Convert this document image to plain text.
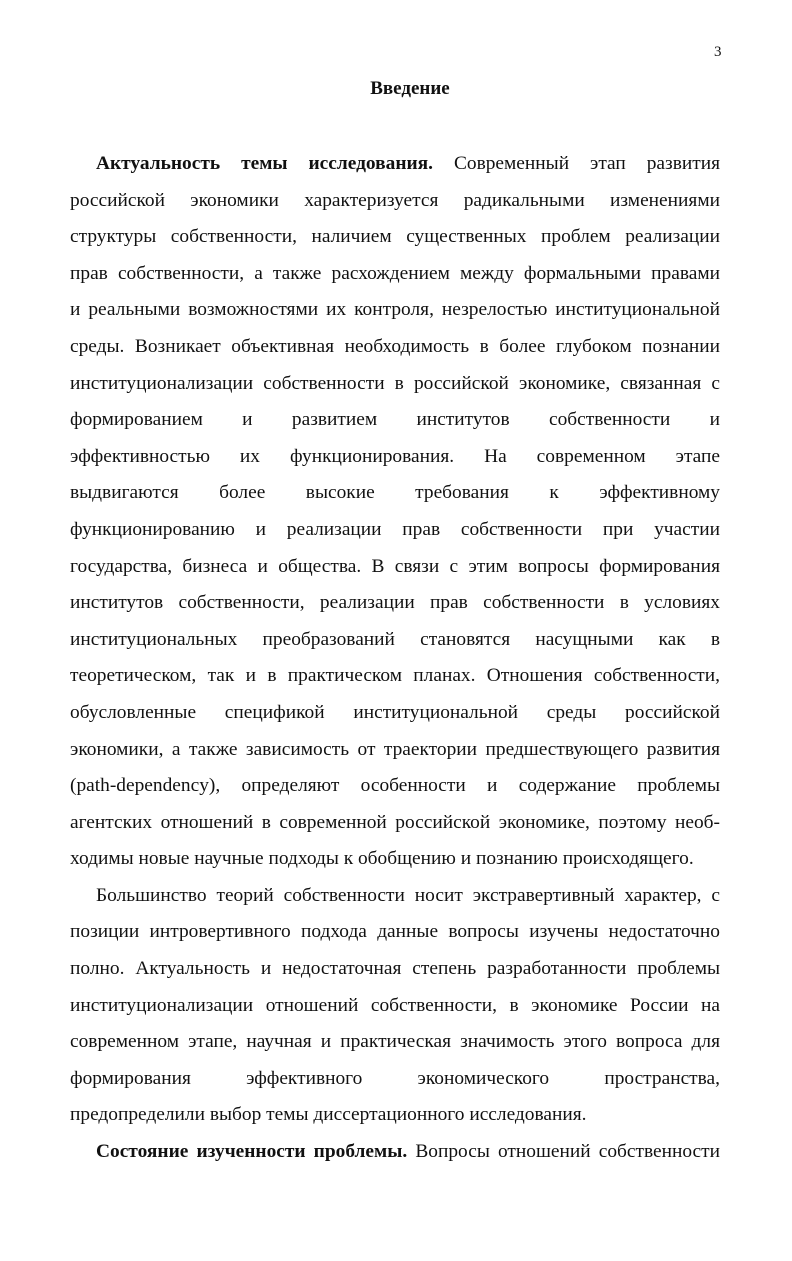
3
Введение
Актуальность темы исследования. Современный этап развития
российской экономики характеризуется радикальными изменениями
структуры собственности, наличием существенных проблем реализации
прав собственности, а также расхождением между формальными правами
и реальными возможностями их контроля, незрелостью институциональной
среды. Возникает объективная необходимость в более глубоком познании
институционализации собственности в российской экономике, связанная с
формированием и развитием институтов собственности и
эффективностью их функционирования. На современном этапе
выдвигаются более высокие требования к эффективному
функционированию и реализации прав собственности при участии
государства, бизнеса и общества. В связи с этим вопросы формирования
институтов собственности, реализации прав собственности в условиях
институциональных преобразований становятся насущными как в
теоретическом, так и в практическом планах. Отношения собственности,
обусловленные спецификой институциональной среды российской
экономики, а также зависимость от траектории предшествующего развития
(path-dependency), определяют особенности и содержание проблемы
агентских отношений в современной российской экономике, поэтому необ-
ходимы новые научные подходы к обобщению и познанию происходящего.
Большинство теорий собственности носит экстравертивный характер, с
позиции интровертивного подхода данные вопросы изучены недостаточно
полно. Актуальность и недостаточная степень разработанности проблемы
институционализации отношений собственности, в экономике России на
современном этапе, научная и практическая значимость этого вопроса для
формирования эффективного экономического пространства,
предопределили выбор темы диссертационного исследования.
Состояние изученности проблемы. Вопросы отношений собственности
